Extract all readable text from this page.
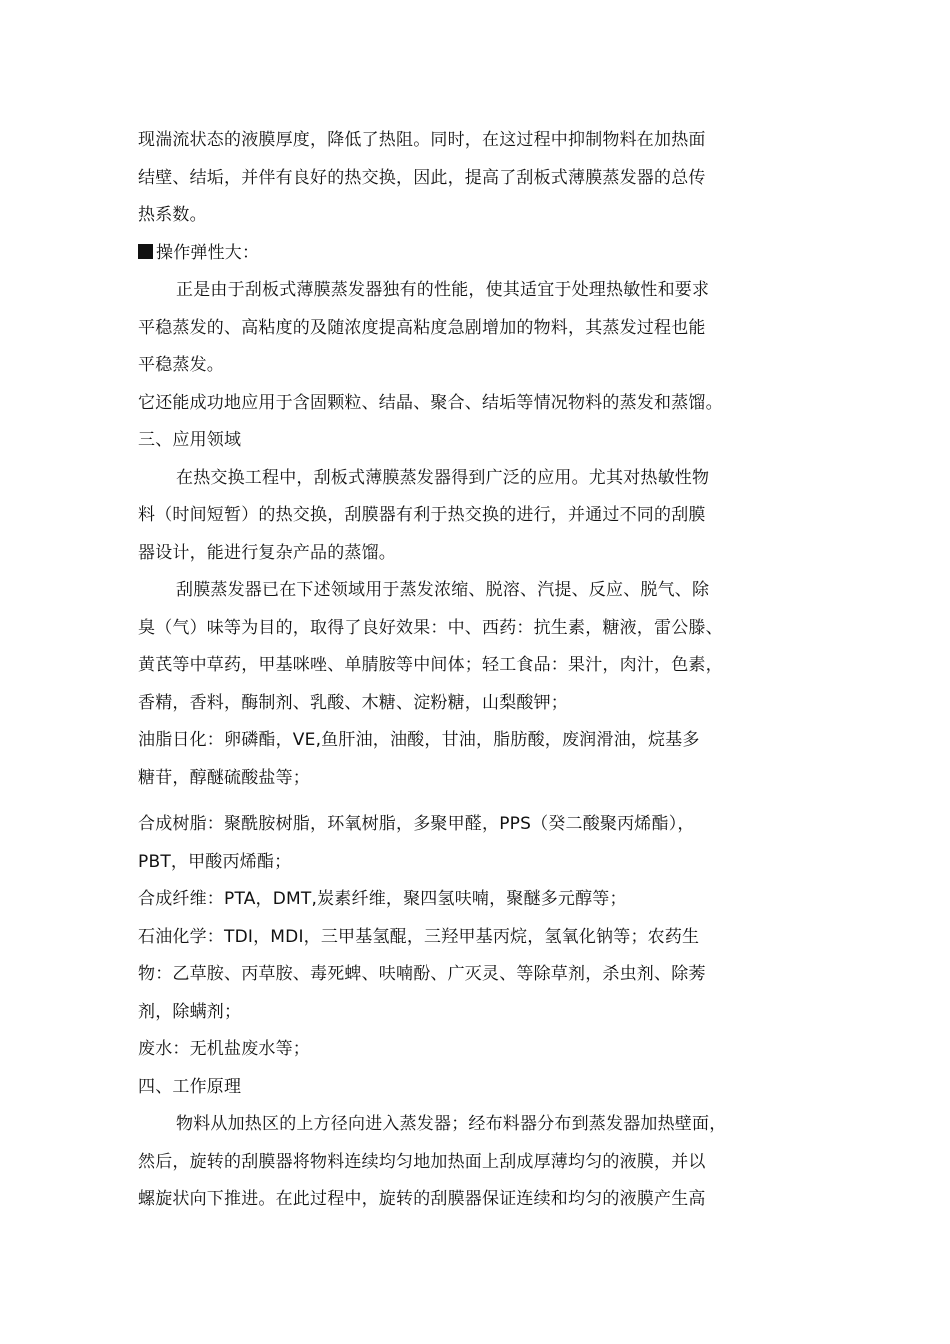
现湍流状态的液膜厚度，降低了热阻。同时，在这过程中抑制物料在加热面
结壁、结垢，并伴有良好的热交换，因此，提高了刮板式薄膜蒸发器的总传
热系数。
操作弹性大：
正是由于刮板式薄膜蒸发器独有的性能，使其适宜于处理热敏性和要求
平稳蒸发的、高粘度的及随浓度提高粘度急剧增加的物料，其蒸发过程也能
平稳蒸发。
它还能成功地应用于含固颗粒、结晶、聚合、结垢等情况物料的蒸发和蒸馏。
三、应用领域
在热交换工程中，刮板式薄膜蒸发器得到广泛的应用。尤其对热敏性物
料（时间短暂）的热交换，刮膜器有利于热交换的进行，并通过不同的刮膜
器设计，能进行复杂产品的蒸馏。
刮膜蒸发器已在下述领域用于蒸发浓缩、脱溶、汽提、反应、脱气、除
臭（气）味等为目的，取得了良好效果：中、西药：抗生素，糖液，雷公滕、
黄芪等中草药，甲基咪唑、单腈胺等中间体；轻工食品：果汁，肉汁，色素，
香精，香料，酶制剂、乳酸、木糖、淀粉糖，山梨酸钾；
油脂日化：卵磷酯，VE,鱼肝油，油酸，甘油，脂肪酸，废润滑油，烷基多
糖苷，醇醚硫酸盐等；
合成树脂：聚酰胺树脂，环氧树脂，多聚甲醛，PPS（癸二酸聚丙烯酯），
PBT，甲酸丙烯酯；
合成纤维：PTA，DMT,炭素纤维，聚四氢呋喃，聚醚多元醇等；
石油化学：TDI，MDI，三甲基氢醌，三羟甲基丙烷，氢氧化钠等；农药生
物：乙草胺、丙草胺、毒死蜱、呋喃酚、广灭灵、等除草剂，杀虫剂、除莠
剂，除螨剂；
废水：无机盐废水等；
四、工作原理
物料从加热区的上方径向进入蒸发器；经布料器分布到蒸发器加热壁面，
然后，旋转的刮膜器将物料连续均匀地加热面上刮成厚薄均匀的液膜，并以
螺旋状向下推进。在此过程中，旋转的刮膜器保证连续和均匀的液膜产生高
